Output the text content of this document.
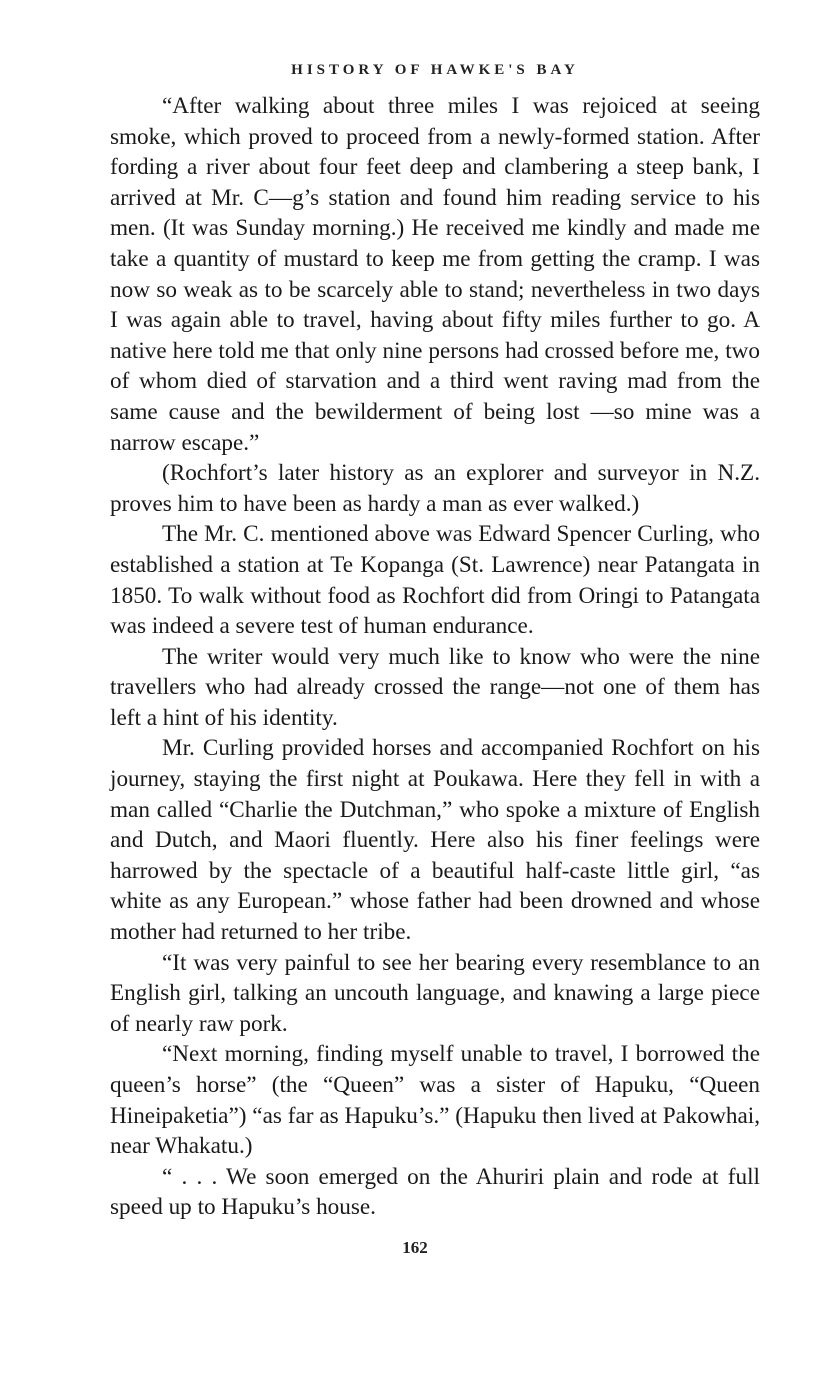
HISTORY OF HAWKE'S BAY

“After walking about three miles I was rejoiced at seeing smoke, which proved to proceed from a newly-formed station. After fording a river about four feet deep and clambering a steep bank, I arrived at Mr. C—g’s station and found him reading service to his men. (It was Sunday morning.) He received me kindly and made me take a quantity of mustard to keep me from getting the cramp. I was now so weak as to be scarcely able to stand; nevertheless in two days I was again able to travel, having about fifty miles further to go. A native here told me that only nine persons had crossed before me, two of whom died of starvation and a third went raving mad from the same cause and the bewilderment of being lost —so mine was a narrow escape.”

(Rochfort’s later history as an explorer and surveyor in N.Z. proves him to have been as hardy a man as ever walked.)

The Mr. C. mentioned above was Edward Spencer Curling, who established a station at Te Kopanga (St. Lawrence) near Patangata in 1850. To walk without food as Rochfort did from Oringi to Patangata was indeed a severe test of human endurance.

The writer would very much like to know who were the nine travellers who had already crossed the range—not one of them has left a hint of his identity.

Mr. Curling provided horses and accompanied Rochfort on his journey, staying the first night at Poukawa. Here they fell in with a man called “Charlie the Dutchman,” who spoke a mixture of English and Dutch, and Maori fluently. Here also his finer feelings were harrowed by the spectacle of a beautiful half-caste little girl, “as white as any European.” whose father had been drowned and whose mother had returned to her tribe.

“It was very painful to see her bearing every resemblance to an English girl, talking an uncouth language, and knawing a large piece of nearly raw pork.

“Next morning, finding myself unable to travel, I borrowed the queen’s horse” (the “Queen” was a sister of Hapuku, “Queen Hineipaketia”) “as far as Hapuku’s.” (Hapuku then lived at Pakowhai, near Whakatu.)

“ . . . We soon emerged on the Ahuriri plain and rode at full speed up to Hapuku’s house.

162
